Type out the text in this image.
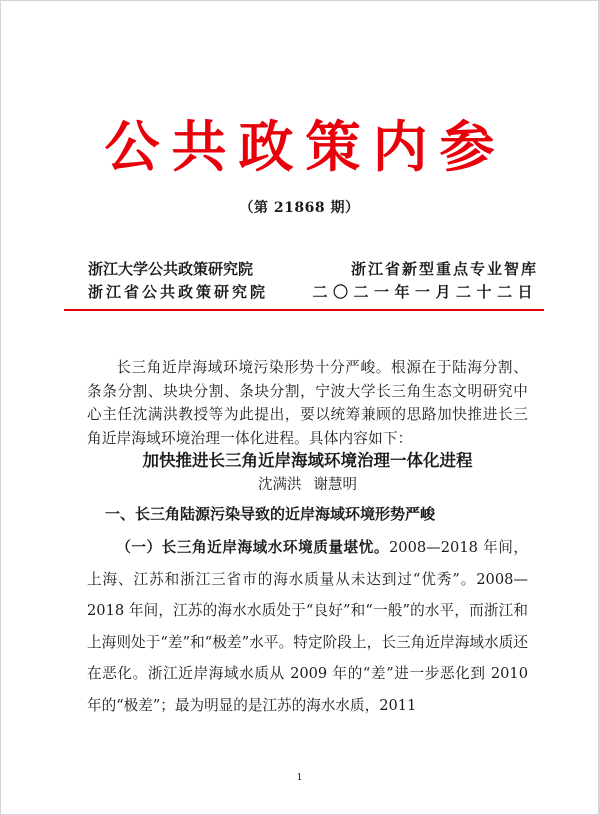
公共政策内参
（第 21868 期）
浙江大学公共政策研究院	浙江省新型重点专业智库
浙江省公共政策研究院	二〇二一年一月二十二日

长三角近岸海域环境污染形势十分严峻。根源在于陆海分割、条条分割、块块分割、条块分割，宁波大学长三角生态文明研究中心主任沈满洪教授等为此提出，要以统筹兼顾的思路加快推进长三角近岸海域环境治理一体化进程。具体内容如下：

加快推进长三角近岸海域环境治理一体化进程
沈满洪 谢慧明
一、长三角陆源污染导致的近岸海域环境形势严峻

（一）长三角近岸海域水环境质量堪忧。2008—2018 年间，上海、江苏和浙江三省市的海水质量从未达到过“优秀”。2008—2018 年间，江苏的海水水质处于“良好”和“一般”的水平，而浙江和上海则处于“差”和“极差”水平。特定阶段上，长三角近岸海域水质还在恶化。浙江近岸海域水质从 2009 年的“差”进一步恶化到 2010 年的“极差”；最为明显的是江苏的海水水质，2011

1
